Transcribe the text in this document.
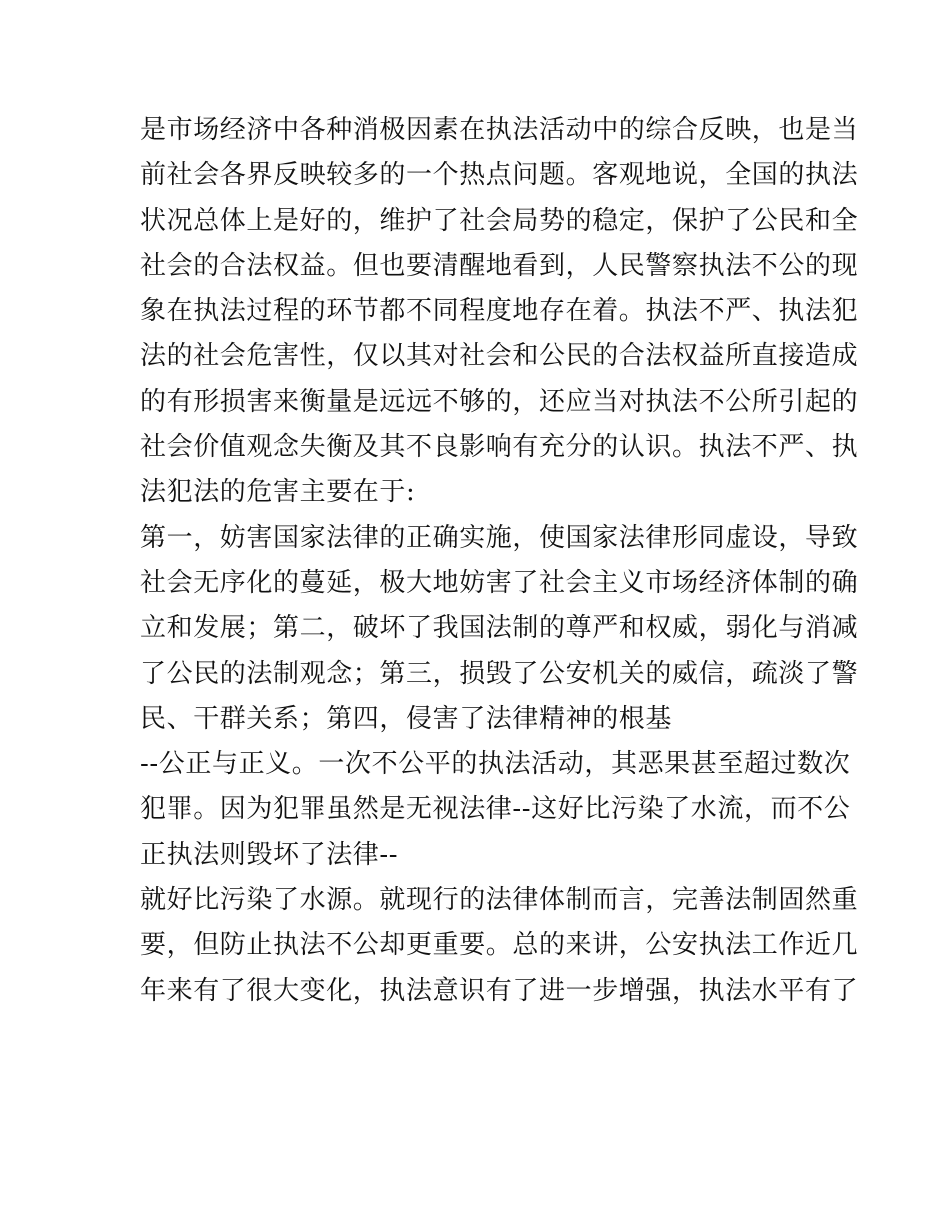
是市场经济中各种消极因素在执法活动中的综合反映，也是当
前社会各界反映较多的一个热点问题。客观地说，全国的执法
状况总体上是好的，维护了社会局势的稳定，保护了公民和全
社会的合法权益。但也要清醒地看到，人民警察执法不公的现
象在执法过程的环节都不同程度地存在着。执法不严、执法犯
法的社会危害性，仅以其对社会和公民的合法权益所直接造成
的有形损害来衡量是远远不够的，还应当对执法不公所引起的
社会价值观念失衡及其不良影响有充分的认识。执法不严、执
法犯法的危害主要在于:
第一，妨害国家法律的正确实施，使国家法律形同虚设，导致
社会无序化的蔓延，极大地妨害了社会主义市场经济体制的确
立和发展；第二，破坏了我国法制的尊严和权威，弱化与消减
了公民的法制观念；第三，损毁了公安机关的威信，疏淡了警
民、干群关系；第四，侵害了法律精神的根基
--公正与正义。一次不公平的执法活动，其恶果甚至超过数次
犯罪。因为犯罪虽然是无视法律--这好比污染了水流，而不公
正执法则毁坏了法律--
就好比污染了水源。就现行的法律体制而言，完善法制固然重
要，但防止执法不公却更重要。总的来讲，公安执法工作近几
年来有了很大变化，执法意识有了进一步增强，执法水平有了
